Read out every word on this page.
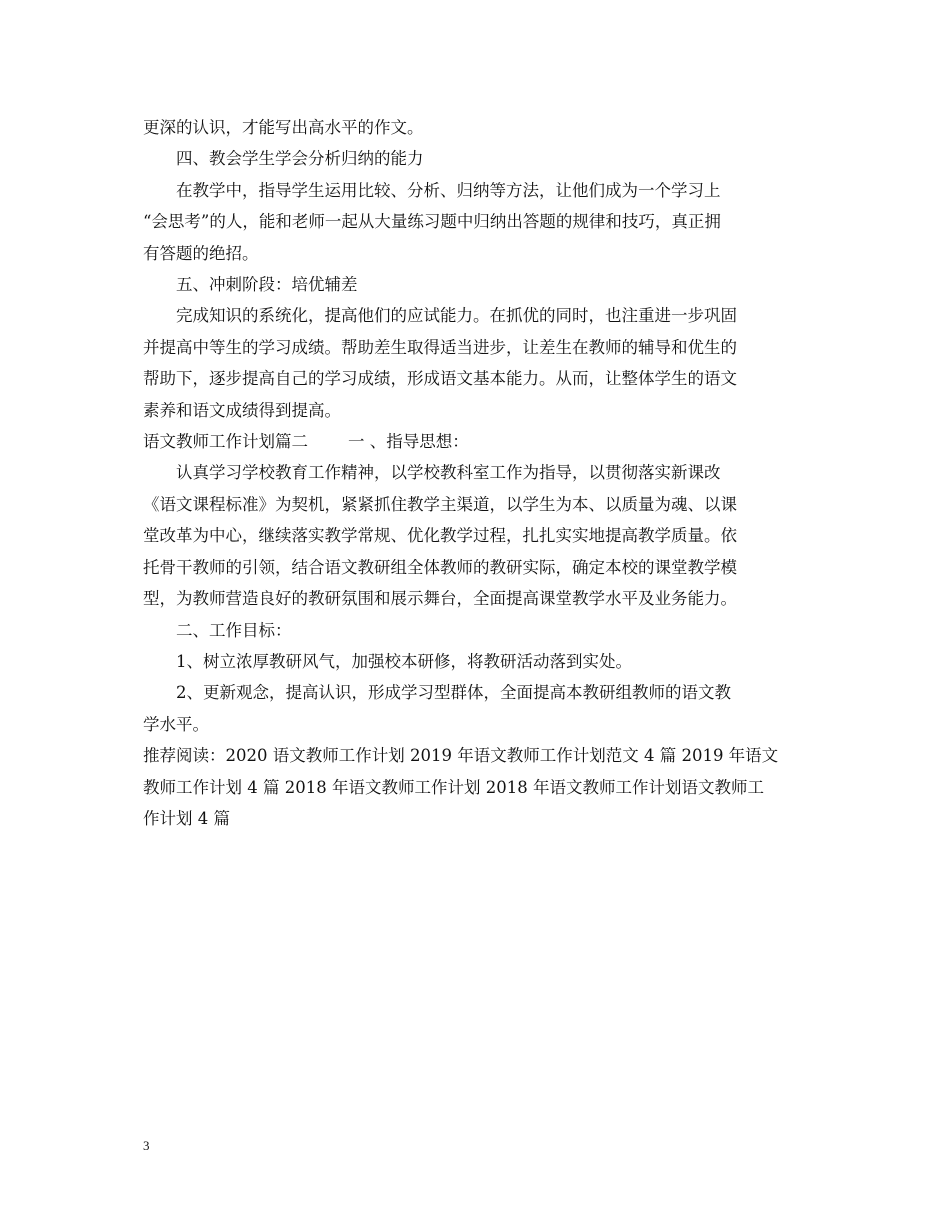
更深的认识，才能写出高水平的作文。

四、教会学生学会分析归纳的能力

在教学中，指导学生运用比较、分析、归纳等方法，让他们成为一个学习上

“会思考”的人，能和老师一起从大量练习题中归纳出答题的规律和技巧，真正拥

有答题的绝招。

五、冲刺阶段：培优辅差

完成知识的系统化，提高他们的应试能力。在抓优的同时，也注重进一步巩固

并提高中等生的学习成绩。帮助差生取得适当进步，让差生在教师的辅导和优生的

帮助下，逐步提高自己的学习成绩，形成语文基本能力。从而，让整体学生的语文

素养和语文成绩得到提高。

语文教师工作计划篇二 一 、指导思想：

认真学习学校教育工作精神，以学校教科室工作为指导，以贯彻落实新课改

《语文课程标准》为契机，紧紧抓住教学主渠道，以学生为本、以质量为魂、以课

堂改革为中心，继续落实教学常规、优化教学过程，扎扎实实地提高教学质量。依

托骨干教师的引领，结合语文教研组全体教师的教研实际，确定本校的课堂教学模

型，为教师营造良好的教研氛围和展示舞台，全面提高课堂教学水平及业务能力。

二、工作目标：

1、树立浓厚教研风气，加强校本研修，将教研活动落到实处。

2、更新观念，提高认识，形成学习型群体，全面提高本教研组教师的语文教

学水平。

推荐阅读：2020 语文教师工作计划 2019 年语文教师工作计划范文 4 篇 2019 年语文

教师工作计划 4 篇 2018 年语文教师工作计划 2018 年语文教师工作计划语文教师工

作计划 4 篇

3
